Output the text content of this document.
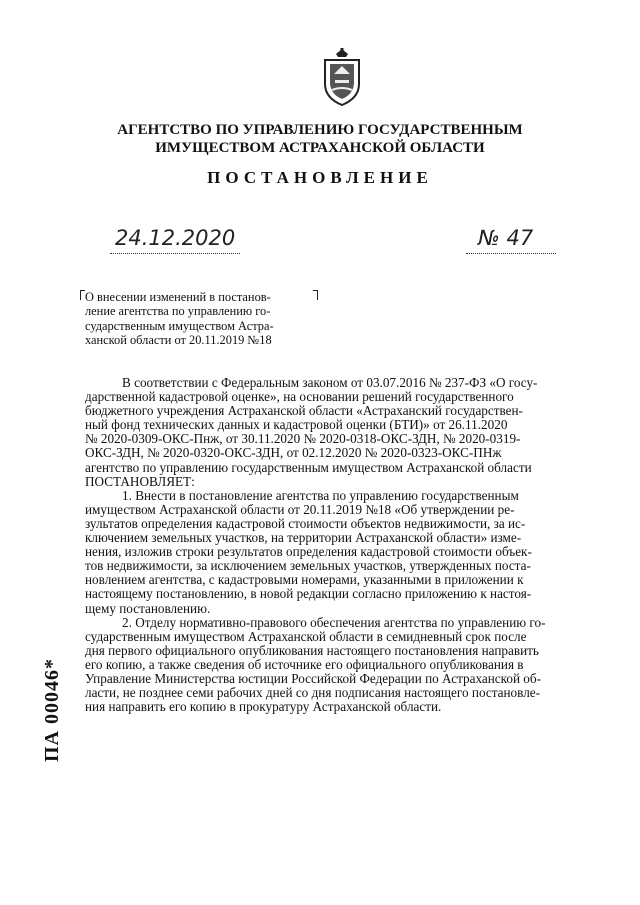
АГЕНТСТВО ПО УПРАВЛЕНИЮ ГОСУДАРСТВЕННЫМ
ИМУЩЕСТВОМ АСТРАХАНСКОЙ ОБЛАСТИ
ПОСТАНОВЛЕНИЕ
24.12.2020	№ 47
О внесении изменений в постанов-
ление агентства по управлению го-
сударственным имуществом Астра-
ханской области от 20.11.2019 №18
В соответствии с Федеральным законом от 03.07.2016 № 237-ФЗ «О госу-
дарственной кадастровой оценке», на основании решений государственного
бюджетного учреждения Астраханской области «Астраханский государствен-
ный фонд технических данных и кадастровой оценки (БТИ)» от 26.11.2020
№ 2020-0309-ОКС-Пнж, от 30.11.2020 № 2020-0318-ОКС-ЗДН, № 2020-0319-
ОКС-ЗДН, № 2020-0320-ОКС-ЗДН, от 02.12.2020 № 2020-0323-ОКС-ПНж
агентство по управлению государственным имуществом Астраханской области
ПОСТАНОВЛЯЕТ:
1. Внести в постановление агентства по управлению государственным
имуществом Астраханской области от 20.11.2019 №18 «Об утверждении ре-
зультатов определения кадастровой стоимости объектов недвижимости, за ис-
ключением земельных участков, на территории Астраханской области» изме-
нения, изложив строки результатов определения кадастровой стоимости объек-
тов недвижимости, за исключением земельных участков, утвержденных поста-
новлением агентства, с кадастровыми номерами, указанными в приложении к
настоящему постановлению, в новой редакции согласно приложению к настоя-
щему постановлению.
2. Отделу нормативно-правового обеспечения агентства по управлению го-
сударственным имуществом Астраханской области в семидневный срок после
дня первого официального опубликования настоящего постановления направить
его копию, а также сведения об источнике его официального опубликования в
Управление Министерства юстиции Российской Федерации по Астраханской об-
ласти, не позднее семи рабочих дней со дня подписания настоящего постановле-
ния направить его копию в прокуратуру Астраханской области.
ПА 00046*
